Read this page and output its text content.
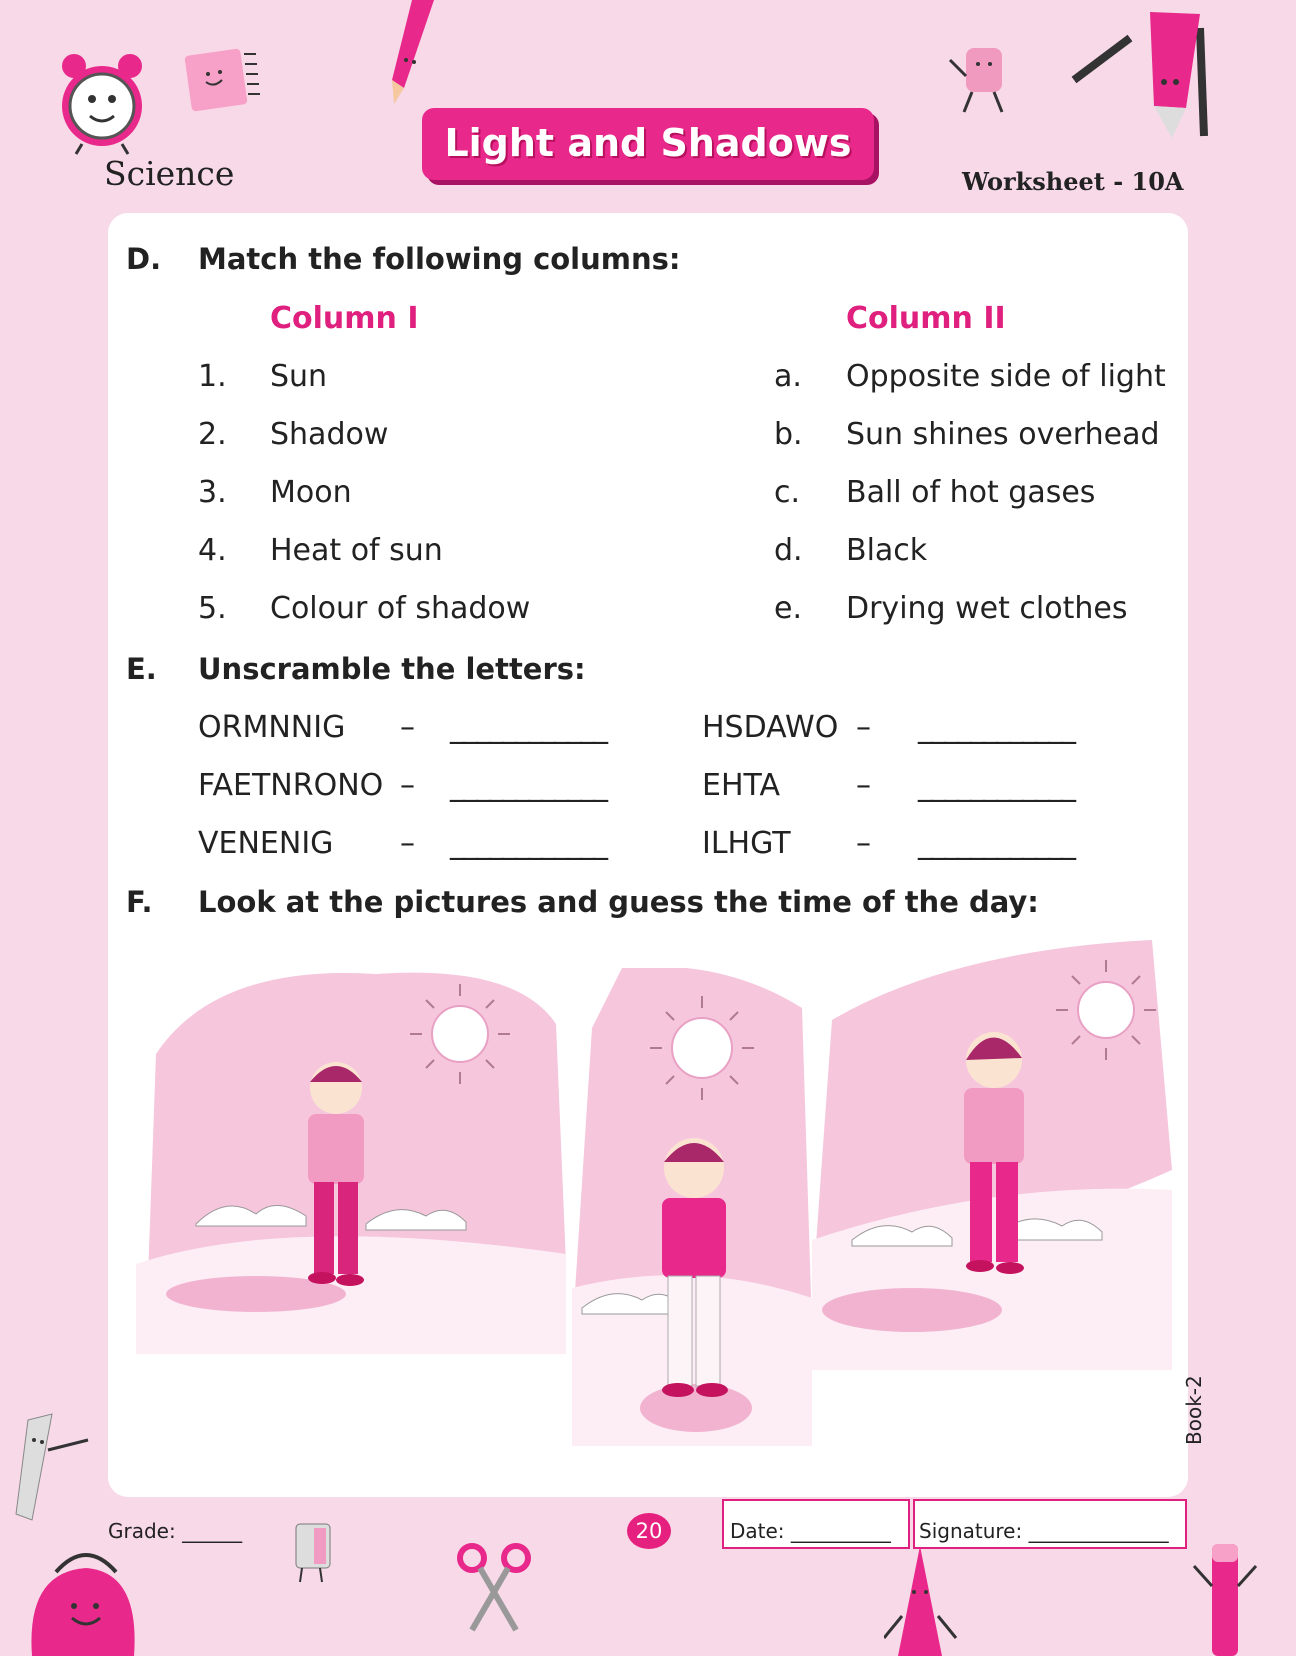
Science
Light and Shadows
Worksheet - 10A
D. Match the following columns:
Column I	Column II
1. Sun	a. Opposite side of light
2. Shadow	b. Sun shines overhead
3. Moon	c. Ball of hot gases
4. Heat of sun	d. Black
5. Colour of shadow	e. Drying wet clothes
E. Unscramble the letters:
ORMNNIG – ____________	HSDAWO – ____________
FAETNRONO – ____________	EHTA	– ____________
VENENIG – ____________	ILHGT – ____________
F. Look at the pictures and guess the time of the day:
Book-2
Grade: ______	20	Date: __________	Signature: ______________
